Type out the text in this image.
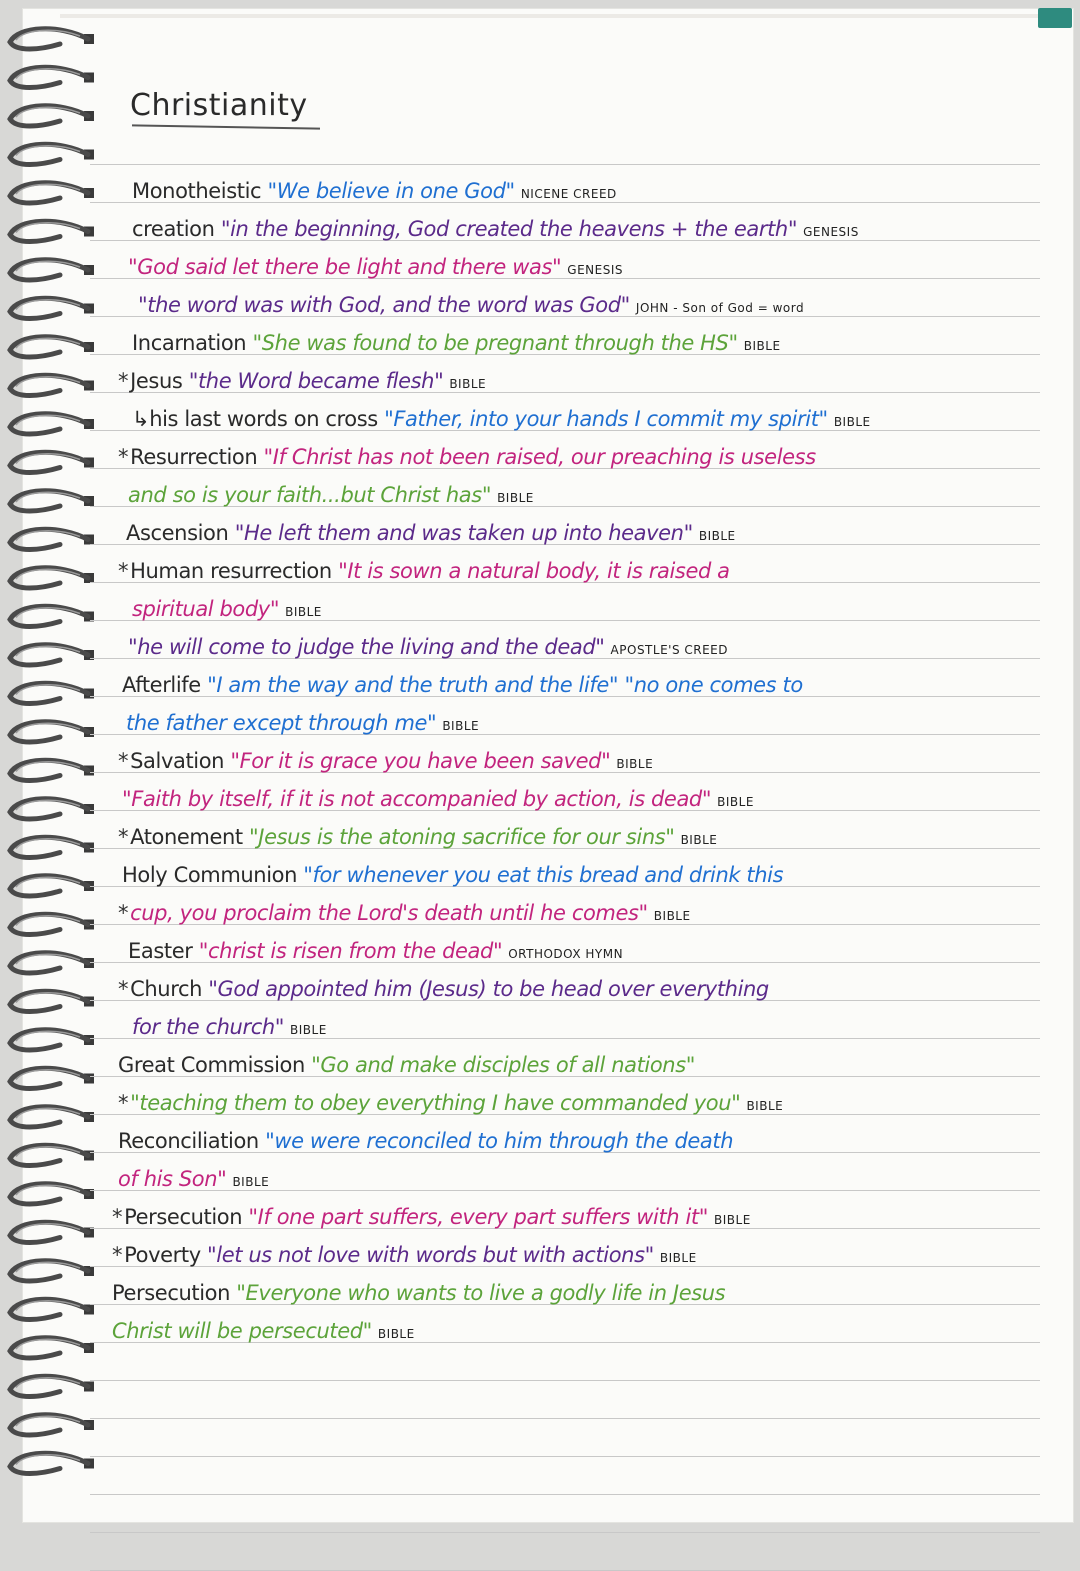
Christianity
Monotheistic "We believe in one God" NICENE CREED
creation "in the beginning, God created the heavens + the earth" GENESIS
"God said let there be light and there was" GENESIS
"the word was with God, and the word was God" JOHN - Son of God = word
Incarnation "She was found to be pregnant through the HS" BIBLE
*Jesus "the Word became flesh" BIBLE
↳his last words on cross "Father, into your hands I commit my spirit" BIBLE
*Resurrection "If Christ has not been raised, our preaching is useless
and so is your faith...but Christ has" BIBLE
Ascension "He left them and was taken up into heaven" BIBLE
*Human resurrection "It is sown a natural body, it is raised a
spiritual body" BIBLE
"he will come to judge the living and the dead" APOSTLE'S CREED
Afterlife "I am the way and the truth and the life" "no one comes to
the father except through me" BIBLE
*Salvation "For it is grace you have been saved" BIBLE
"Faith by itself, if it is not accompanied by action, is dead" BIBLE
*Atonement "Jesus is the atoning sacrifice for our sins" BIBLE
Holy Communion "for whenever you eat this bread and drink this
*cup, you proclaim the Lord's death until he comes" BIBLE
Easter "christ is risen from the dead" ORTHODOX HYMN
*Church "God appointed him (Jesus) to be head over everything
for the church" BIBLE
Great Commission "Go and make disciples of all nations"
*"teaching them to obey everything I have commanded you" BIBLE
Reconciliation "we were reconciled to him through the death
of his Son" BIBLE
*Persecution "If one part suffers, every part suffers with it" BIBLE
*Poverty "let us not love with words but with actions" BIBLE
Persecution "Everyone who wants to live a godly life in Jesus
Christ will be persecuted" BIBLE
